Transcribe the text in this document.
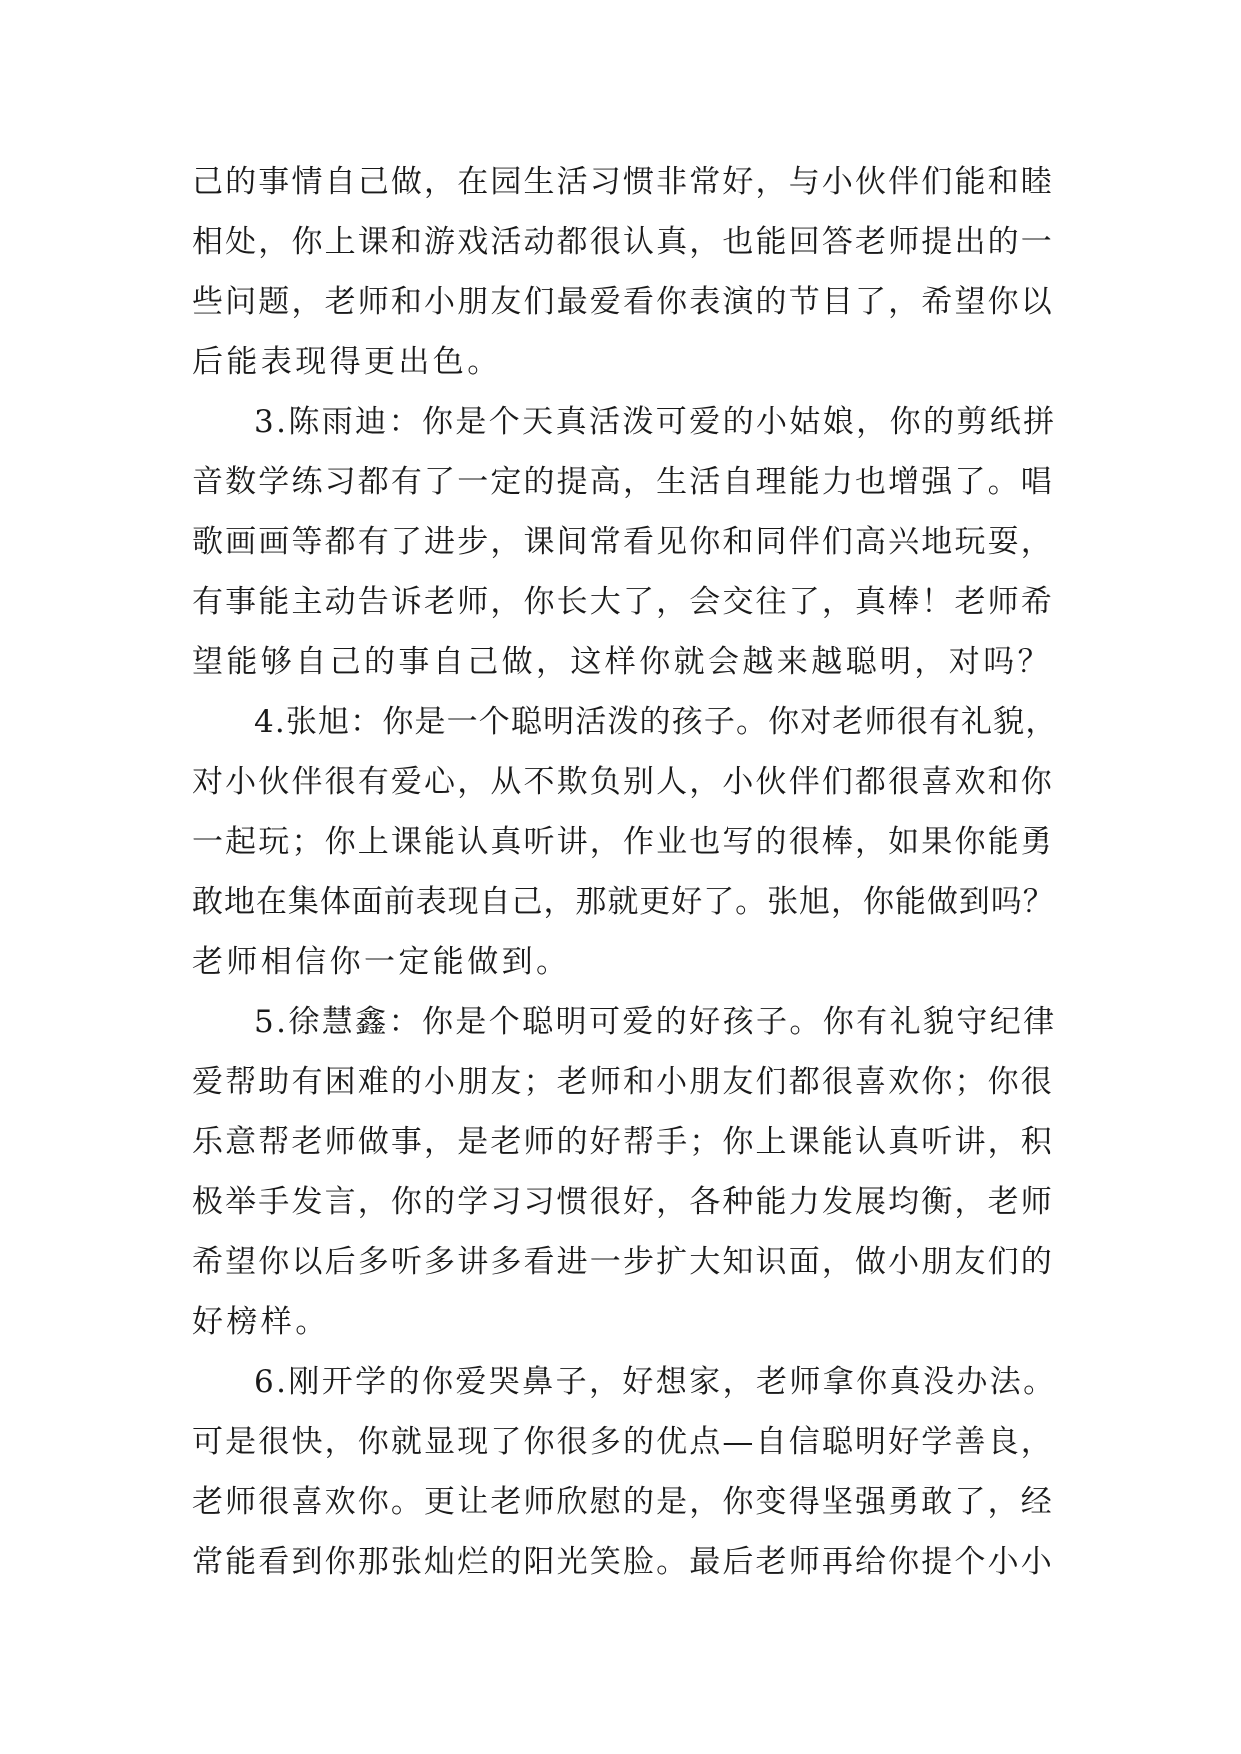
己的事情自己做，在园生活习惯非常好，与小伙伴们能和睦
相处，你上课和游戏活动都很认真，也能回答老师提出的一
些问题，老师和小朋友们最爱看你表演的节目了，希望你以
后能表现得更出色。
3.陈雨迪：你是个天真活泼可爱的小姑娘，你的剪纸拼
音数学练习都有了一定的提高，生活自理能力也增强了。唱
歌画画等都有了进步，课间常看见你和同伴们高兴地玩耍，
有事能主动告诉老师，你长大了，会交往了，真棒！老师希
望能够自己的事自己做，这样你就会越来越聪明，对吗？
4.张旭：你是一个聪明活泼的孩子。你对老师很有礼貌，
对小伙伴很有爱心，从不欺负别人，小伙伴们都很喜欢和你
一起玩；你上课能认真听讲，作业也写的很棒，如果你能勇
敢地在集体面前表现自己，那就更好了。张旭，你能做到吗？
老师相信你一定能做到。
5.徐慧鑫：你是个聪明可爱的好孩子。你有礼貌守纪律
爱帮助有困难的小朋友；老师和小朋友们都很喜欢你；你很
乐意帮老师做事，是老师的好帮手；你上课能认真听讲，积
极举手发言，你的学习习惯很好，各种能力发展均衡，老师
希望你以后多听多讲多看进一步扩大知识面，做小朋友们的
好榜样。
6.刚开学的你爱哭鼻子，好想家，老师拿你真没办法。
可是很快，你就显现了你很多的优点—自信聪明好学善良，
老师很喜欢你。更让老师欣慰的是，你变得坚强勇敢了，经
常能看到你那张灿烂的阳光笑脸。最后老师再给你提个小小
